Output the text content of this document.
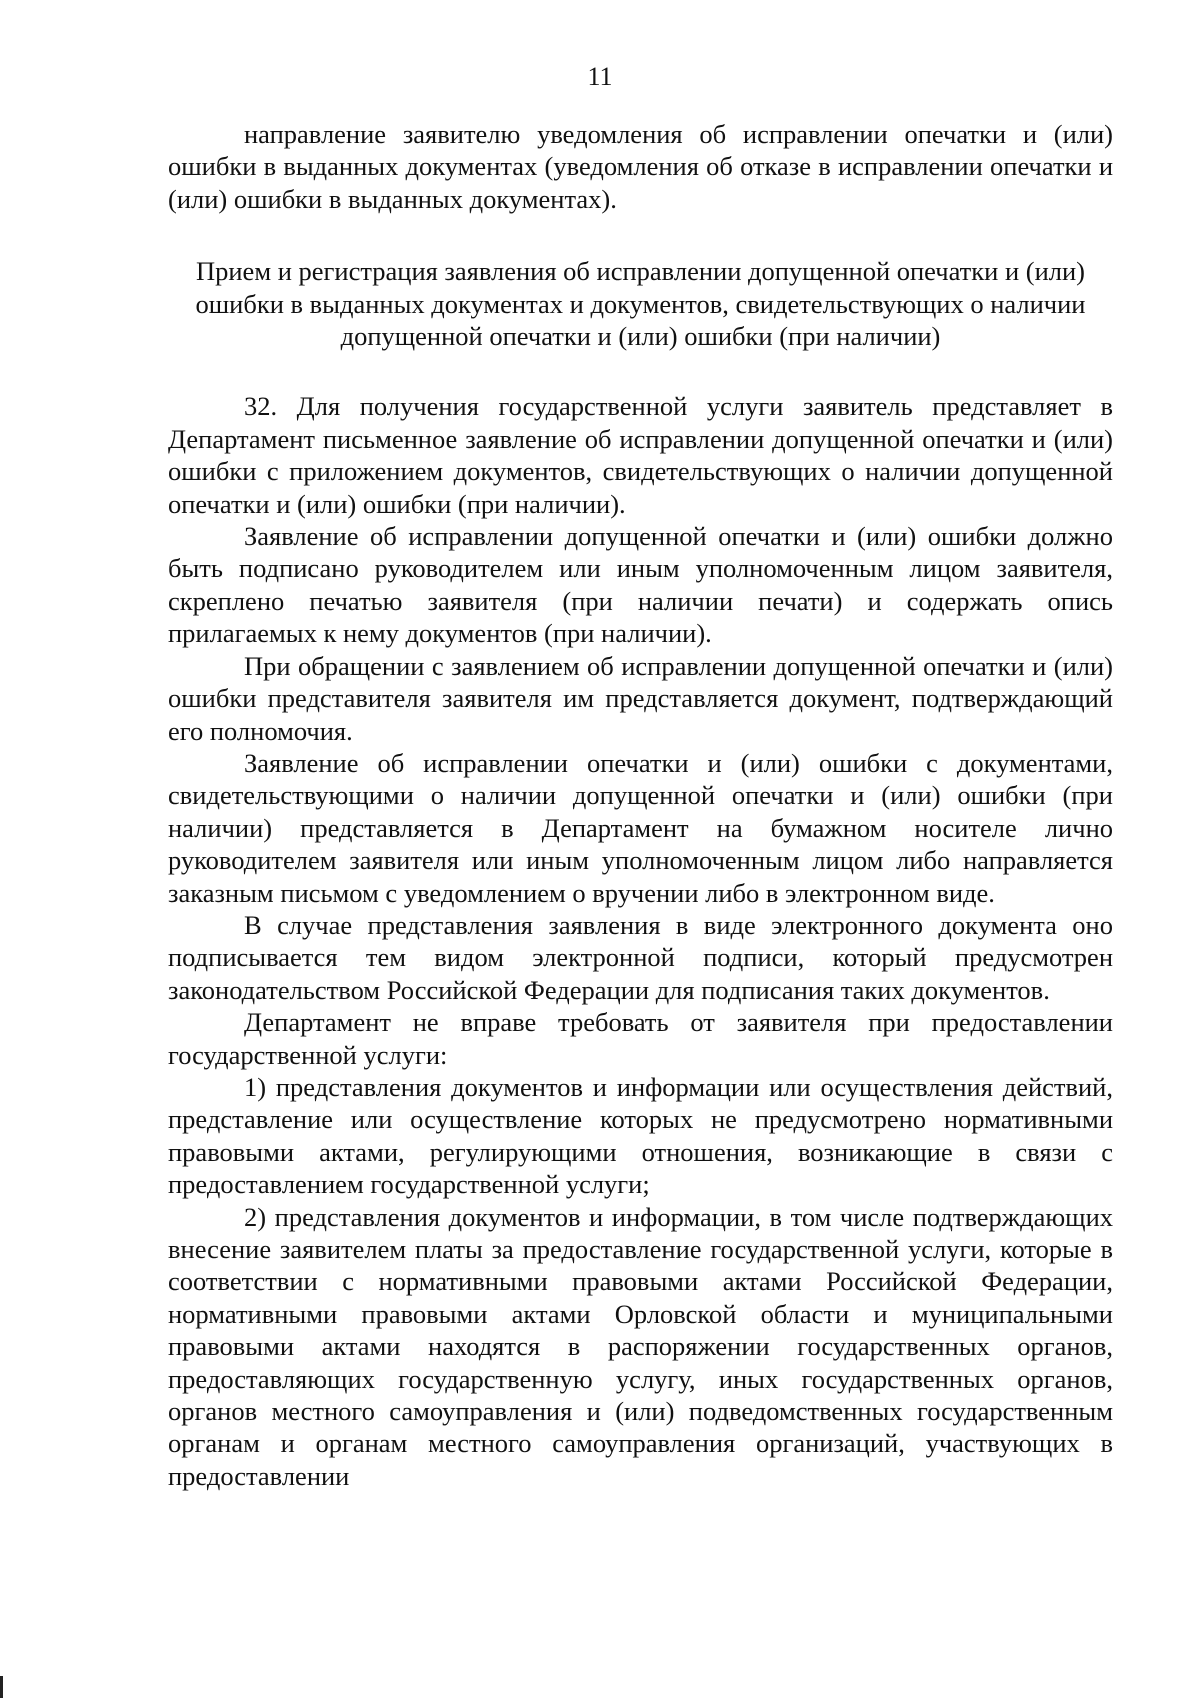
11

направление заявителю уведомления об исправлении опечатки и (или) ошибки в выданных документах (уведомления об отказе в исправлении опечатки и (или) ошибки в выданных документах).

Прием и регистрация заявления об исправлении допущенной опечатки и (или) ошибки в выданных документах и документов, свидетельствующих о наличии допущенной опечатки и (или) ошибки (при наличии)

32. Для получения государственной услуги заявитель представляет в Департамент письменное заявление об исправлении допущенной опечатки и (или) ошибки с приложением документов, свидетельствующих о наличии допущенной опечатки и (или) ошибки (при наличии).

Заявление об исправлении допущенной опечатки и (или) ошибки должно быть подписано руководителем или иным уполномоченным лицом заявителя, скреплено печатью заявителя (при наличии печати) и содержать опись прилагаемых к нему документов (при наличии).

При обращении с заявлением об исправлении допущенной опечатки и (или) ошибки представителя заявителя им представляется документ, подтверждающий его полномочия.

Заявление об исправлении опечатки и (или) ошибки с документами, свидетельствующими о наличии допущенной опечатки и (или) ошибки (при наличии) представляется в Департамент на бумажном носителе лично руководителем заявителя или иным уполномоченным лицом либо направляется заказным письмом с уведомлением о вручении либо в электронном виде.

В случае представления заявления в виде электронного документа оно подписывается тем видом электронной подписи, который предусмотрен законодательством Российской Федерации для подписания таких документов.

Департамент не вправе требовать от заявителя при предоставлении государственной услуги:

1) представления документов и информации или осуществления действий, представление или осуществление которых не предусмотрено нормативными правовыми актами, регулирующими отношения, возникающие в связи с предоставлением государственной услуги;

2) представления документов и информации, в том числе подтверждающих внесение заявителем платы за предоставление государственной услуги, которые в соответствии с нормативными правовыми актами Российской Федерации, нормативными правовыми актами Орловской области и муниципальными правовыми актами находятся в распоряжении государственных органов, предоставляющих государственную услугу, иных государственных органов, органов местного самоуправления и (или) подведомственных государственным органам и органам местного самоуправления организаций, участвующих в предоставлении
